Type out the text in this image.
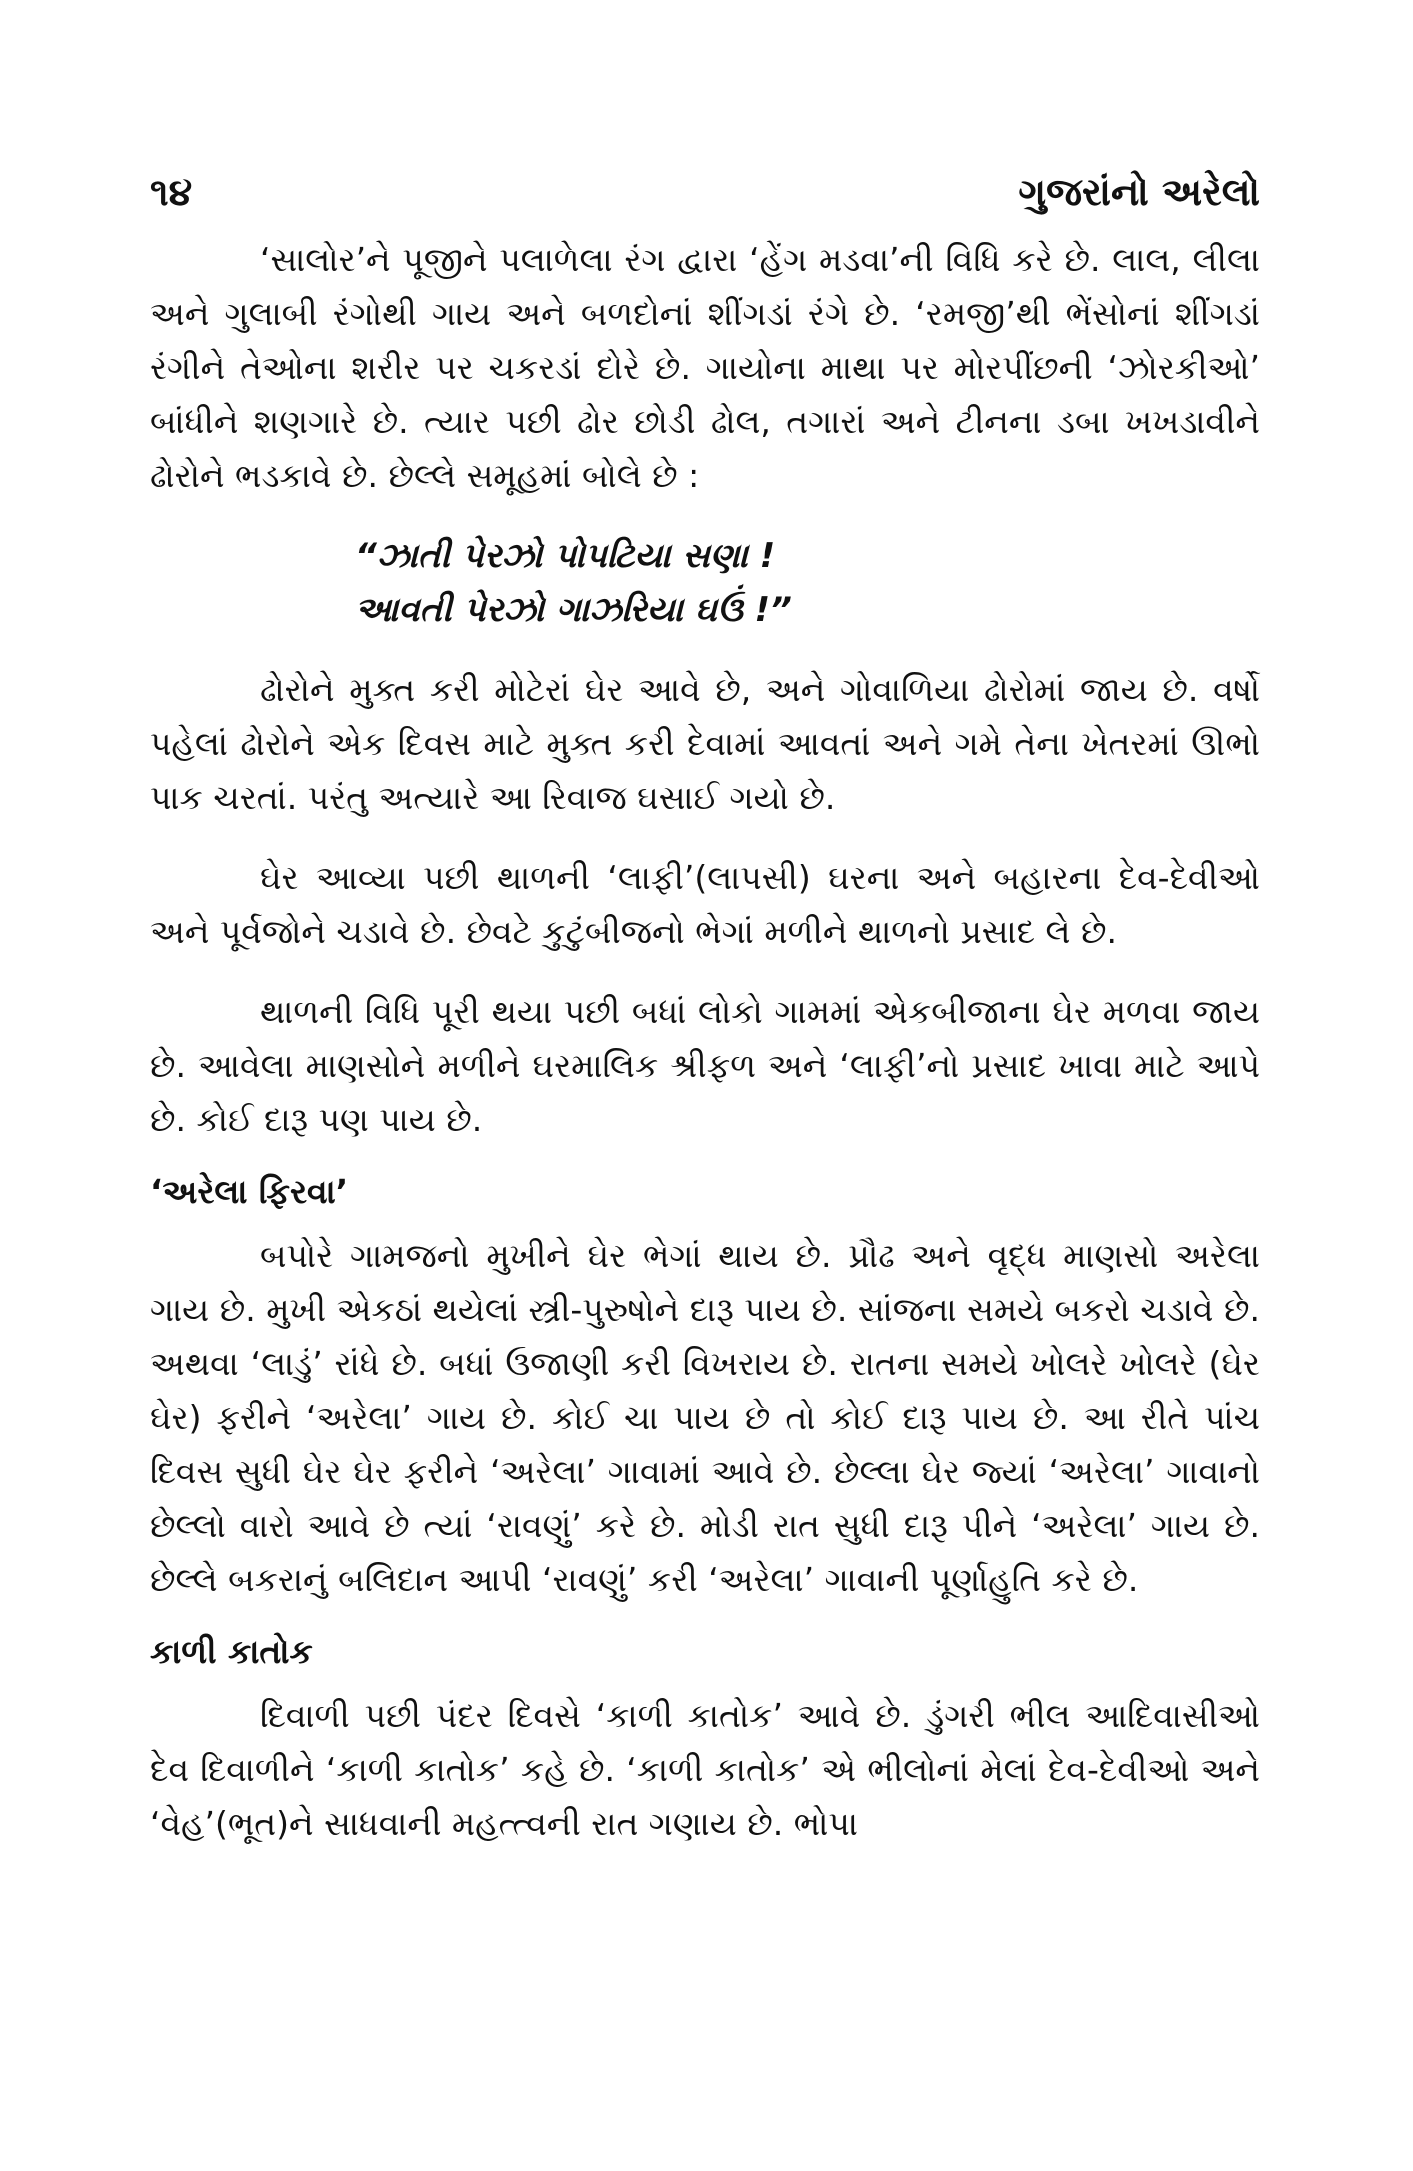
૧૪	ગુજરાંનો અરેલો

‘સાલોર’ને પૂજીને પલાળેલા રંગ દ્વારા ‘હેંગ મડવા’ની વિધિ કરે છે. લાલ, લીલા અને ગુલાબી રંગોથી ગાય અને બળદોનાં શીંગડાં રંગે છે. ‘રમજી’થી ભેંસોનાં શીંગડાં રંગીને તેઓના શરીર પર ચકરડાં દોરે છે. ગાયોના માથા પર મોરપીંછની ‘ઝોરકીઓ’ બાંધીને શણગારે છે. ત્યાર પછી ઢોર છોડી ઢોલ, તગારાં અને ટીનના ડબા ખખડાવીને ઢોરોને ભડકાવે છે. છેલ્લે સમૂહમાં બોલે છે :

“ઝાતી પેરઝો પોપટિયા સણા !
આવતી પેરઝો ગાઝરિયા ઘઉં !”

ઢોરોને મુક્ત કરી મોટેરાં ઘેર આવે છે, અને ગોવાળિયા ઢોરોમાં જાય છે. વર્ષો પહેલાં ઢોરોને એક દિવસ માટે મુક્ત કરી દેવામાં આવતાં અને ગમે તેના ખેતરમાં ઊભો પાક ચરતાં. પરંતુ અત્યારે આ રિવાજ ઘસાઈ ગયો છે.

ઘેર આવ્યા પછી થાળની ‘લાફી’(લાપસી) ઘરના અને બહારના દેવ-દેવીઓ અને પૂર્વજોને ચડાવે છે. છેવટે કુટુંબીજનો ભેગાં મળીને થાળનો પ્રસાદ લે છે.

થાળની વિધિ પૂરી થયા પછી બધાં લોકો ગામમાં એકબીજાના ઘેર મળવા જાય છે. આવેલા માણસોને મળીને ઘરમાલિક શ્રીફળ અને ‘લાફી’નો પ્રસાદ ખાવા માટે આપે છે. કોઈ દારૂ પણ પાય છે.

‘અરેલા ફિરવા’

બપોરે ગામજનો મુખીને ઘેર ભેગાં થાય છે. પ્રૌઢ અને વૃદ્ધ માણસો અરેલા ગાય છે. મુખી એકઠાં થયેલાં સ્ત્રી-પુરુષોને દારૂ પાય છે. સાંજના સમયે બકરો ચડાવે છે. અથવા ‘લાડું’ રાંધે છે. બધાં ઉજાણી કરી વિખરાય છે. રાતના સમયે ખોલરે ખોલરે (ઘેર ઘેર) ફરીને ‘અરેલા’ ગાય છે. કોઈ ચા પાય છે તો કોઈ દારૂ પાય છે. આ રીતે પાંચ દિવસ સુધી ઘેર ઘેર ફરીને ‘અરેલા’ ગાવામાં આવે છે. છેલ્લા ઘેર જ્યાં ‘અરેલા’ ગાવાનો છેલ્લો વારો આવે છે ત્યાં ‘રાવણું’ કરે છે. મોડી રાત સુધી દારૂ પીને ‘અરેલા’ ગાય છે. છેલ્લે બકરાનું બલિદાન આપી ‘રાવણું’ કરી ‘અરેલા’ ગાવાની પૂર્ણાહુતિ કરે છે.

કાળી કાતોક

દિવાળી પછી પંદર દિવસે ‘કાળી કાતોક’ આવે છે. ડુંગરી ભીલ આદિવાસીઓ દેવ દિવાળીને ‘કાળી કાતોક’ કહે છે. ‘કાળી કાતોક’ એ ભીલોનાં મેલાં દેવ-દેવીઓ અને ‘વેહ’(ભૂત)ને સાધવાની મહત્ત્વની રાત ગણાય છે. ભોપા
